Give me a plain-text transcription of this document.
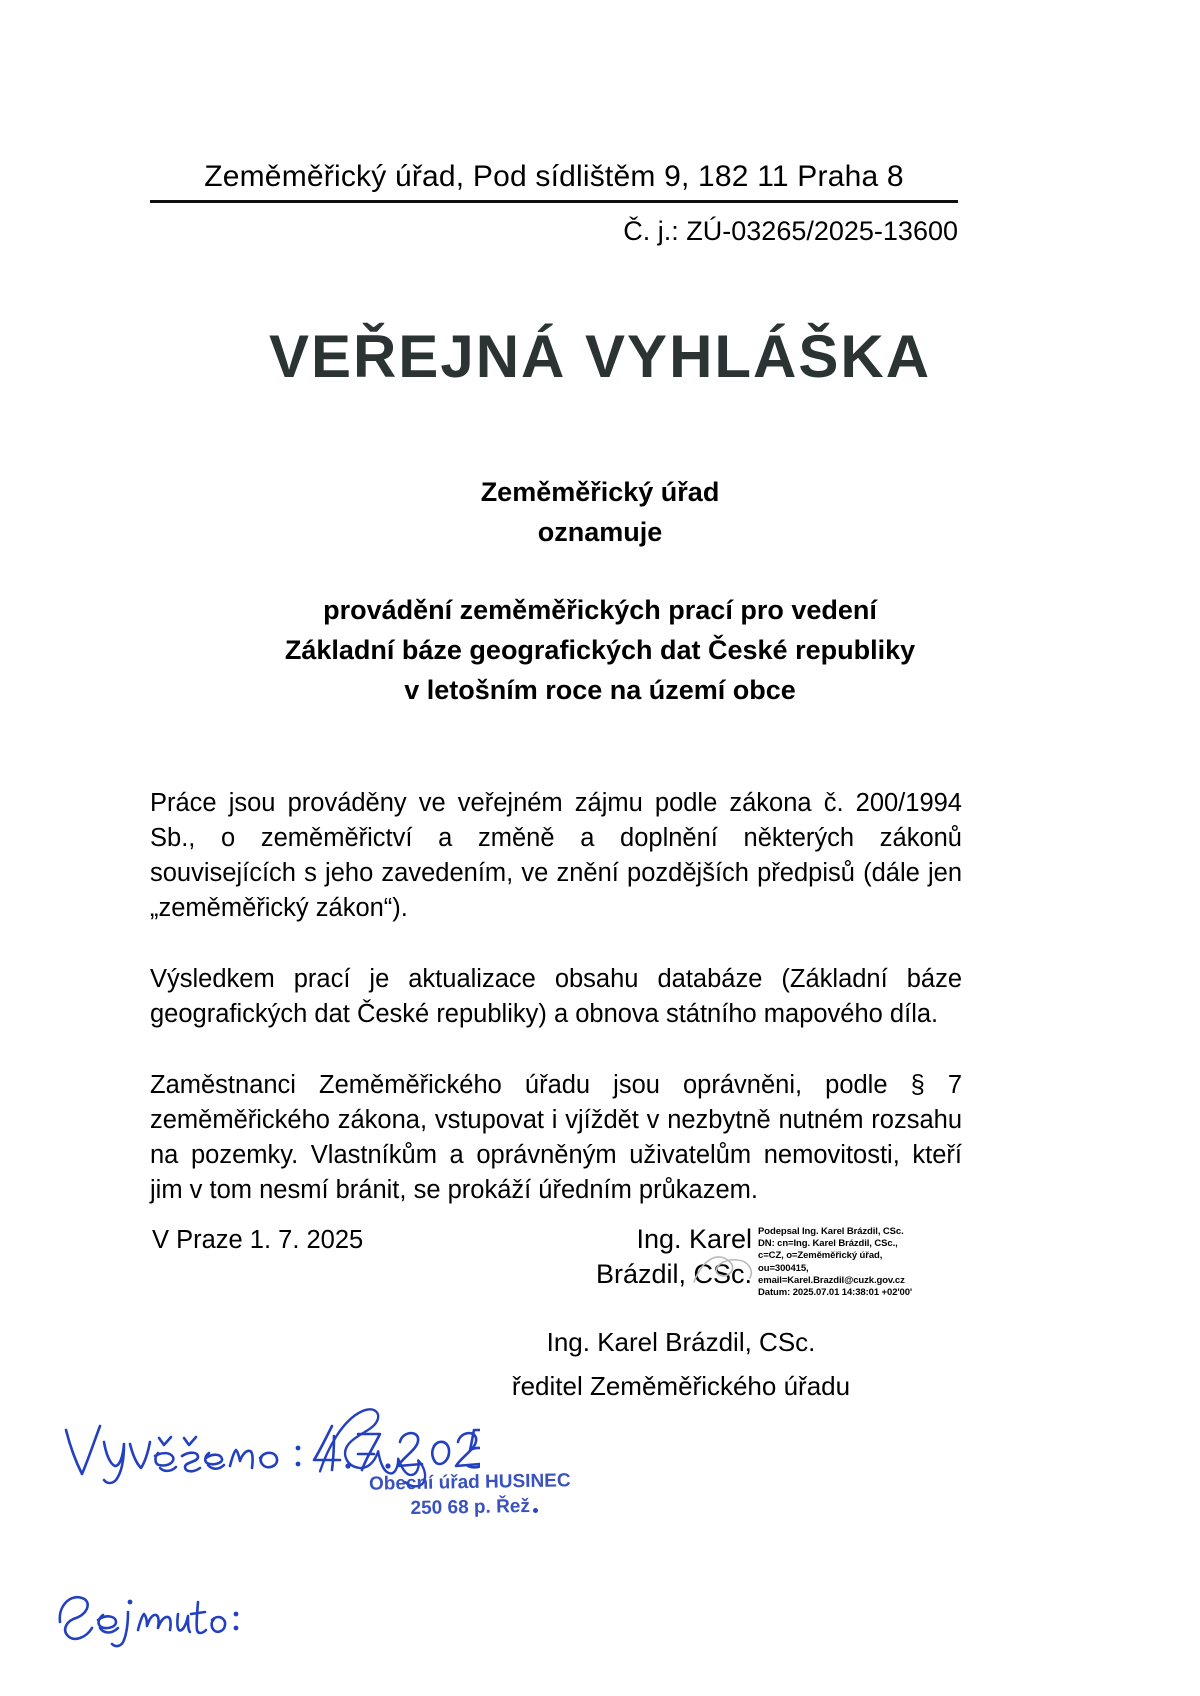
Zeměměřický úřad, Pod sídlištěm 9, 182 11 Praha 8
Č. j.: ZÚ-03265/2025-13600
VEŘEJNÁ VYHLÁŠKA
Zeměměřický úřad
oznamuje
provádění zeměměřických prací pro vedení
Základní báze geografických dat České republiky
v letošním roce na území obce

Práce jsou prováděny ve veřejném zájmu podle zákona č. 200/1994 Sb., o zeměměřictví a změně a doplnění některých zákonů souvisejících s jeho zavedením, ve znění pozdějších předpisů (dále jen „zeměměřický zákon“).

Výsledkem prací je aktualizace obsahu databáze (Základní báze geografických dat České republiky) a obnova státního mapového díla.

Zaměstnanci Zeměměřického úřadu jsou oprávněni, podle § 7 zeměměřického zákona, vstupovat i vjíždět v nezbytně nutném rozsahu na pozemky. Vlastníkům a oprávněným uživatelům nemovitosti, kteří jim v tom nesmí bránit, se prokáží úředním průkazem.

V Praze 1. 7. 2025	Ing. Karel
Brázdil, CSc.
Podepsal Ing. Karel Brázdil, CSc.
DN: cn=Ing. Karel Brázdil, CSc.,
c=CZ, o=Zeměměřický úřad,
ou=300415,
email=Karel.Brazdil@cuzk.gov.cz
Datum: 2025.07.01 14:38:01 +02'00'
Ing. Karel Brázdil, CSc.
ředitel Zeměměřického úřadu
Obecní úřad HUSINEC
250 68 p. Řež
